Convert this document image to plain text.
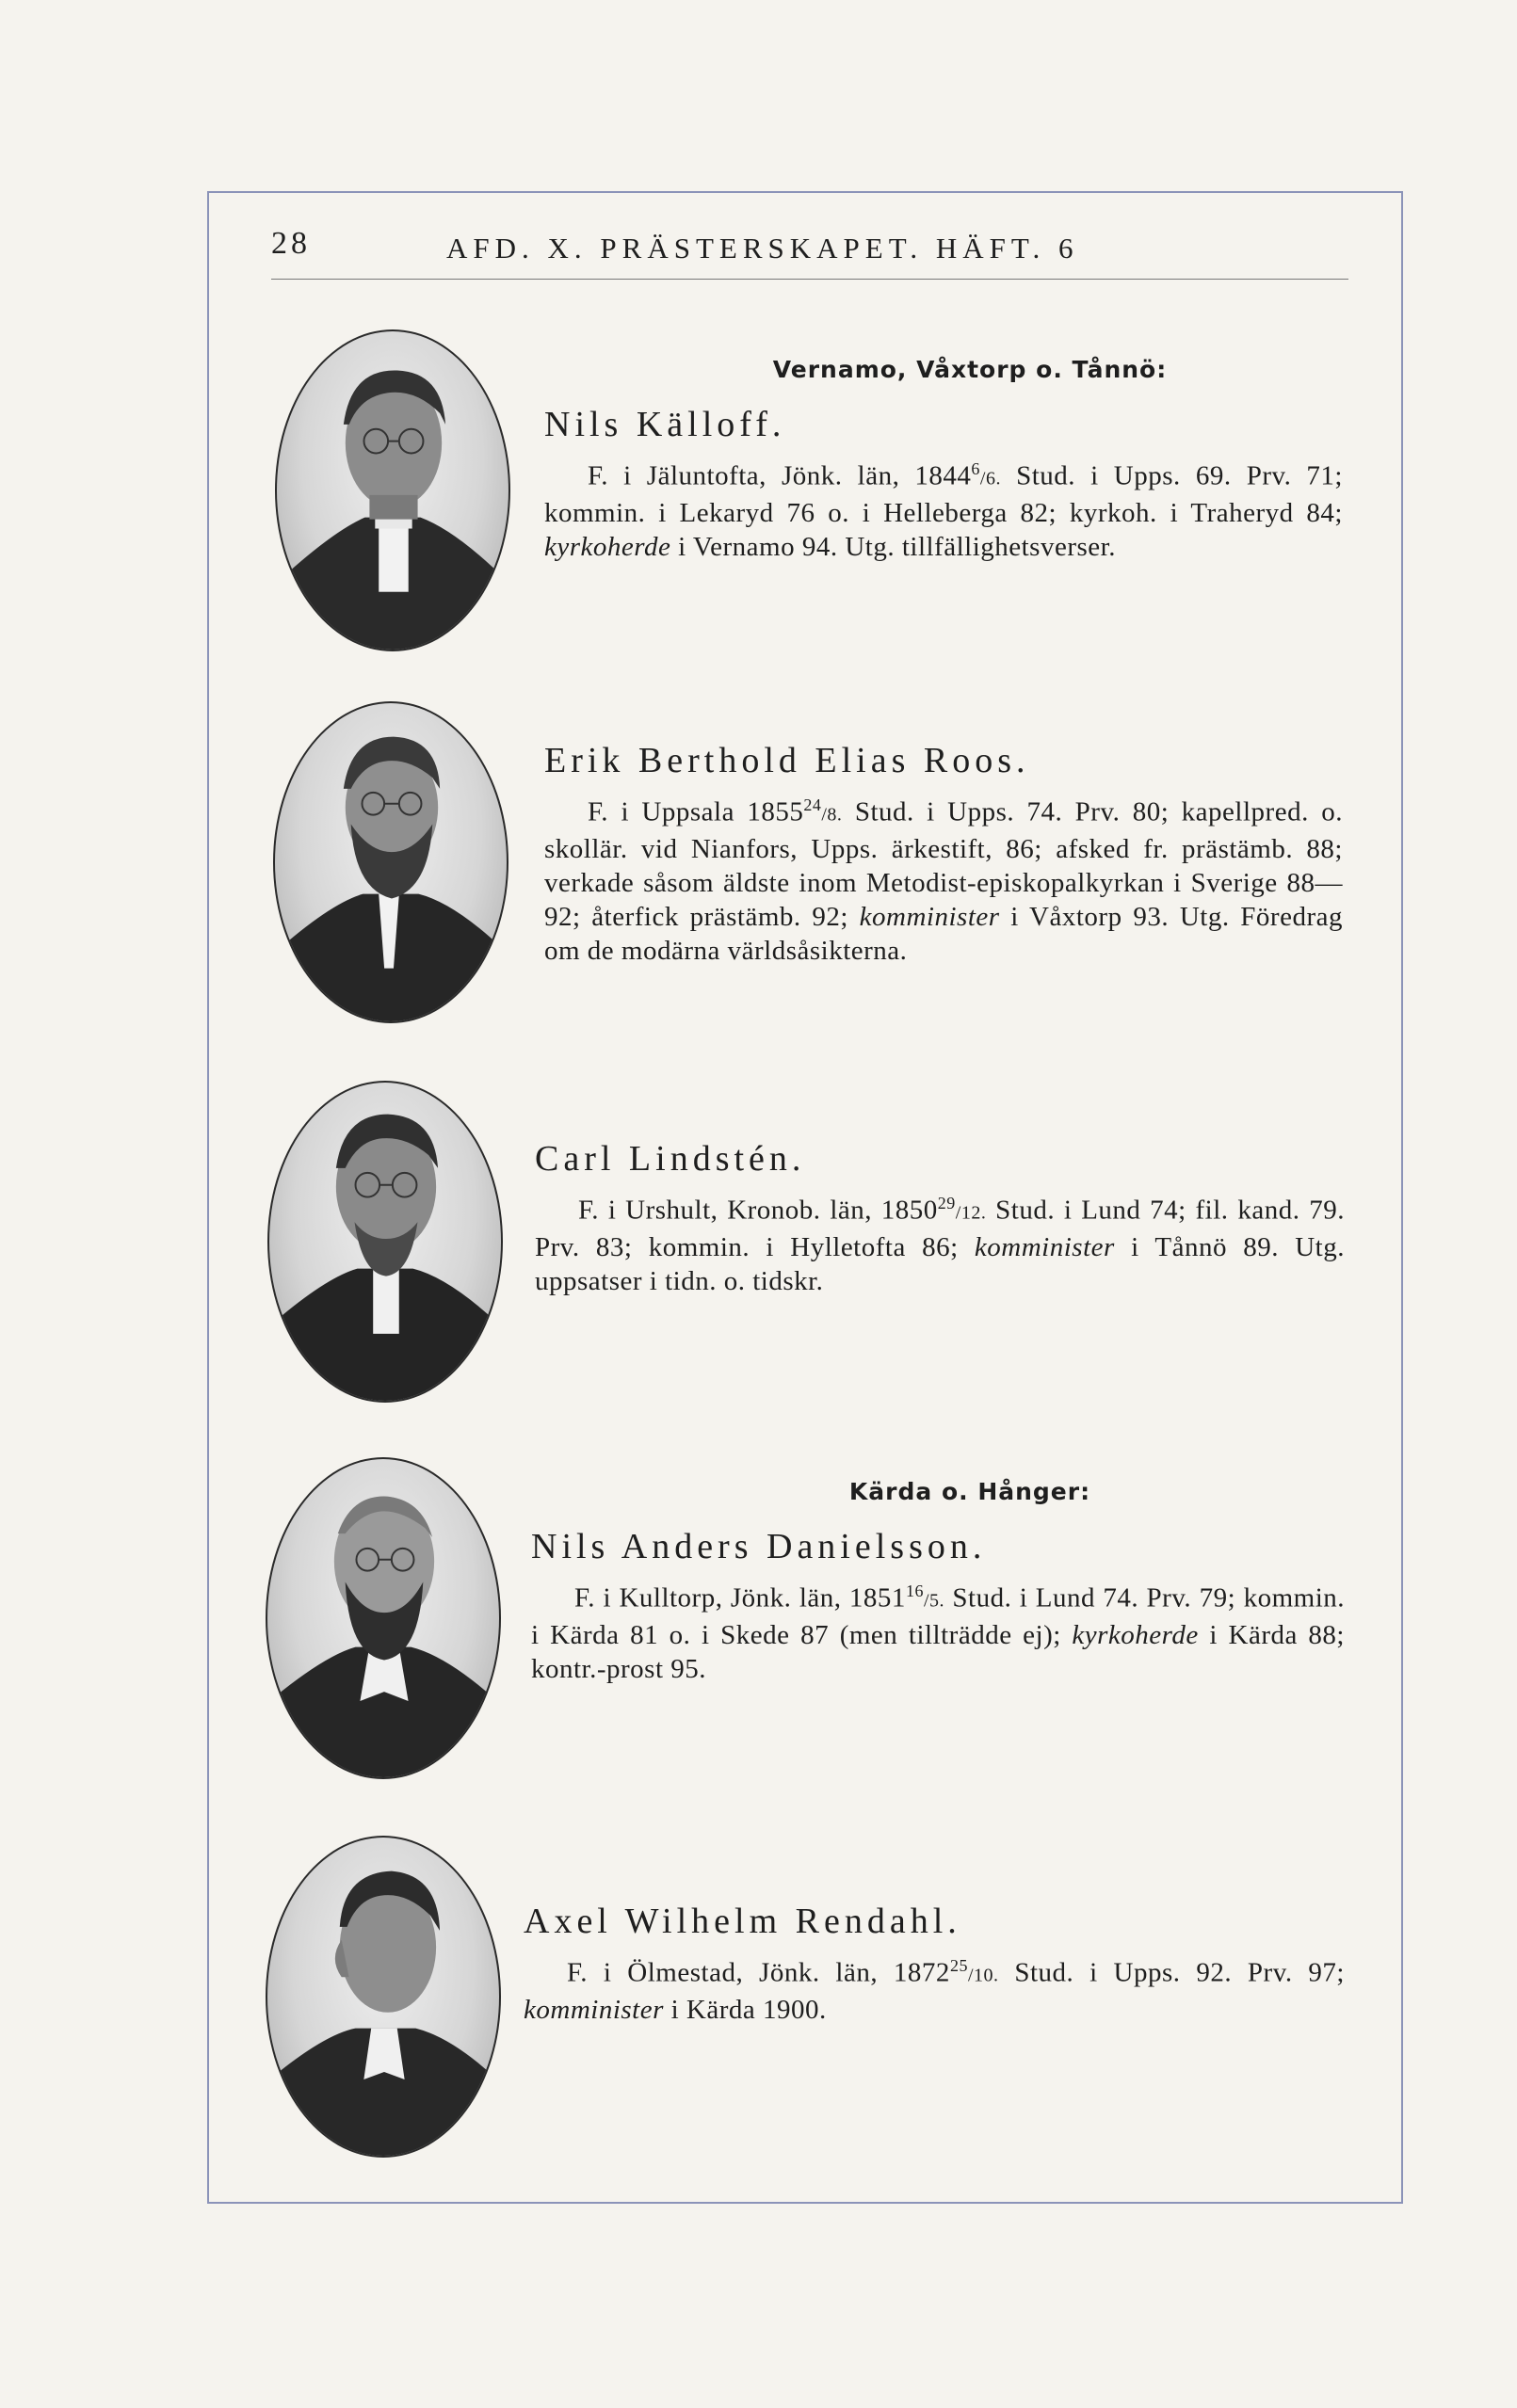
28	AFD. X. PRÄSTERSKAPET. HÄFT. 6
Vernamo, Våxtorp o. Tånnö:

Nils Källoff.

F. i Jäluntofta, Jönk. län, 1844$^6$/6. Stud. i Upps. 69. Prv. 71; kommin. i Lekaryd 76 o. i Helleberga 82; kyrkoh. i Traheryd 84; kyrkoherde i Vernamo 94. Utg. tillfällighetsverser.

Erik Berthold Elias Roos.

F. i Uppsala 1855$^{24}$/8. Stud. i Upps. 74. Prv. 80; kapellpred. o. skollär. vid Nianfors, Upps. ärkestift, 86; afsked fr. prästämb. 88; verkade såsom äldste inom Metodist-episkopalkyrkan i Sverige 88—92; återfick prästämb. 92; komminister i Våxtorp 93. Utg. Föredrag om de modärna världsåsikterna.

Carl Lindstén.

F. i Urshult, Kronob. län, 1850$^{29}$/12. Stud. i Lund 74; fil. kand. 79. Prv. 83; kommin. i Hylletofta 86; komminister i Tånnö 89. Utg. uppsatser i tidn. o. tidskr.

Kärda o. Hånger:

Nils Anders Danielsson.

F. i Kulltorp, Jönk. län, 1851$^{16}$/5. Stud. i Lund 74. Prv. 79; kommin. i Kärda 81 o. i Skede 87 (men tillträdde ej); kyrkoherde i Kärda 88; kontr.-prost 95.

Axel Wilhelm Rendahl.

F. i Ölmestad, Jönk. län, 1872$^{25}$/10. Stud. i Upps. 92. Prv. 97; komminister i Kärda 1900.
